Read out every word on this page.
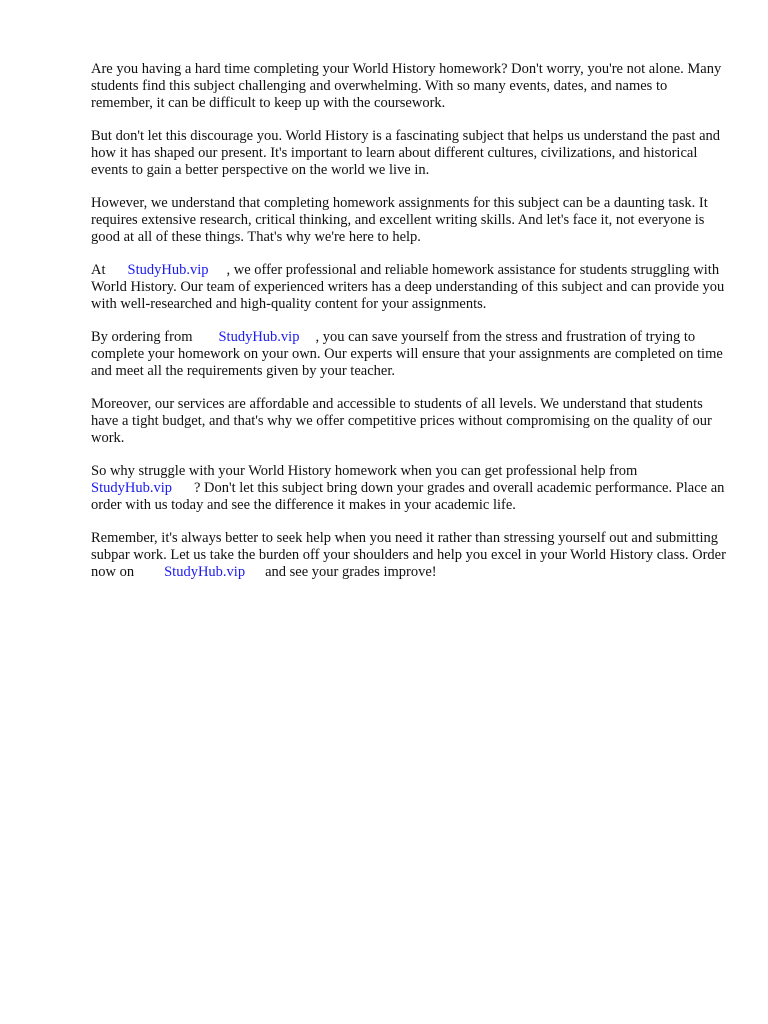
Are you having a hard time completing your World History homework? Don't worry, you're not alone. Many students find this subject challenging and overwhelming. With so many events, dates, and names to remember, it can be difficult to keep up with the coursework.

But don't let this discourage you. World History is a fascinating subject that helps us understand the past and how it has shaped our present. It's important to learn about different cultures, civilizations, and historical events to gain a better perspective on the world we live in.

However, we understand that completing homework assignments for this subject can be a daunting task. It requires extensive research, critical thinking, and excellent writing skills. And let's face it, not everyone is good at all of these things. That's why we're here to help.

At StudyHub.vip , we offer professional and reliable homework assistance for students struggling with World History. Our team of experienced writers has a deep understanding of this subject and can provide you with well-researched and high-quality content for your assignments.

By ordering from StudyHub.vip , you can save yourself from the stress and frustration of trying to complete your homework on your own. Our experts will ensure that your assignments are completed on time and meet all the requirements given by your teacher.

Moreover, our services are affordable and accessible to students of all levels. We understand that students have a tight budget, and that's why we offer competitive prices without compromising on the quality of our work.

So why struggle with your World History homework when you can get professional help from StudyHub.vip ? Don't let this subject bring down your grades and overall academic performance. Place an order with us today and see the difference it makes in your academic life.

Remember, it's always better to seek help when you need it rather than stressing yourself out and submitting subpar work. Let us take the burden off your shoulders and help you excel in your World History class. Order now on StudyHub.vip and see your grades improve!
